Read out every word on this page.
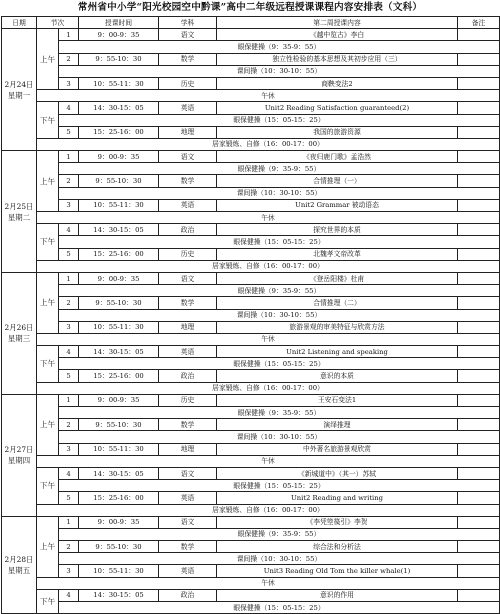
常州省中小学“阳光校园空中黔课”高中二年级远程授课课程内容安排表（文科）
日期	节次		授课时间	学科	第二周授课内容	备注
2月24日
星期一	上午	1	9：00-9：35	语文	《越中览古》李白	
		眼保健操（9：35-9：55）				
		2	9：55-10：30	数学	独立性检验的基本思想及其初步应用（三）	
		课间操（10：30-10：55）				
		3	10：55-11：30	历史	商鞅变法2	
	午休					
	下午	4	14：30-15：05	英语	Unit2 Reading Satisfaction guaranteed(2)	
		眼保健操（15：05-15：25）				
		5	15：25-16：00	地理	我国的旅游资源	
	居家锻炼、自修（16：00-17：00）					
2月25日
星期二	上午	1	9：00-9：35	语文	《夜归鹿门歌》孟浩然	
		眼保健操（9：35-9：55）				
		2	9：55-10：30	数学	合情推理（一）	
		课间操（10：30-10：55）				
		3	10：55-11：30	英语	Unit2 Grammar 被动语态	
	午休					
	下午	4	14：30-15：05	政治	探究世界的本质	
		眼保健操（15：05-15：25）				
		5	15：25-16：00	历史	北魏孝文帝改革	
	居家锻炼、自修（16：00-17：00）					
2月26日
星期三	上午	1	9：00-9：35	语文	《登岳阳楼》杜甫	
		眼保健操（9：35-9：55）				
		2	9：55-10：30	数学	合情推理（二）	
		课间操（10：30-10：55）				
		3	10：55-11：30	地理	旅游景观的审美特征与欣赏方法	
	午休					
	下午	4	14：30-15：05	英语	Unit2 Listening and speaking	
		眼保健操（15：05-15：25）				
		5	15：25-16：00	政治	意识的本质	
	居家锻炼、自修（16：00-17：00）					
2月27日
星期四	上午	1	9：00-9：35	历史	王安石变法1	
		眼保健操（9：35-9：55）				
		2	9：55-10：30	数学	演绎推理	
		课间操（10：30-10：55）				
		3	10：55-11：30	地理	中外著名旅游景观欣赏	
	午休					
	下午	4	14：30-15：05	语文	《新城道中》（其一）苏轼	
		眼保健操（15：05-15：25）				
		5	15：25-16：00	英语	Unit2 Reading and writing	
	居家锻炼、自修（16：00-17：00）					
2月28日
星期五	上午	1	9：00-9：35	语文	《李凭箜篌引》李贺	
		眼保健操（9：35-9：55）				
		2	9：55-10：30	数学	综合法和分析法	
		课间操（10：30-10：55）				
		3	10：55-11：30	英语	Unit3 Reading Old Tom the killer whale(1)	
	午休					
	下午	4	14：30-15：05	政治	意识的作用	
		眼保健操（15：05-15：25）				
